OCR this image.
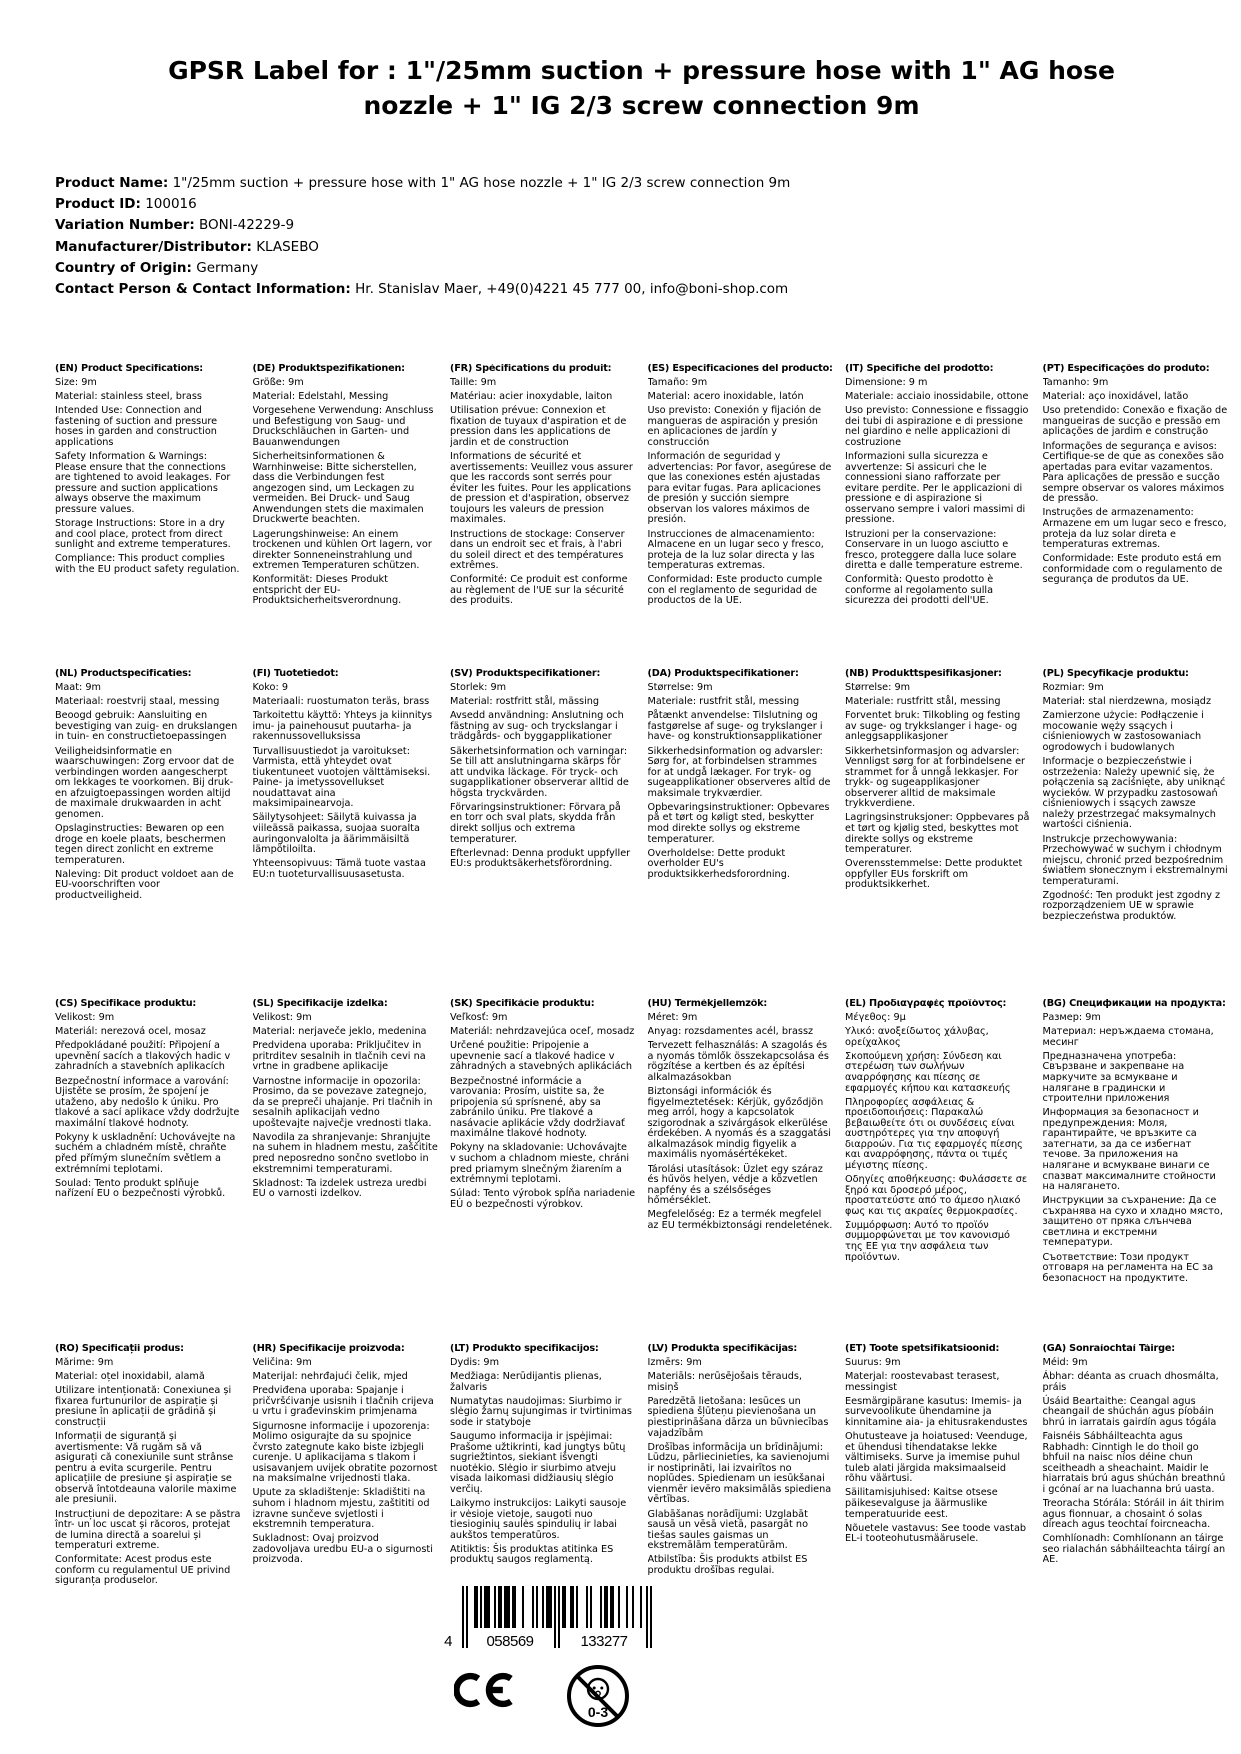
GPSR Label for : 1"/25mm suction + pressure hose with 1" AG hose nozzle + 1" IG 2/3 screw connection 9m
Product Name: 1"/25mm suction + pressure hose with 1" AG hose nozzle + 1" IG 2/3 screw connection 9m
Product ID: 100016
Variation Number: BONI-42229-9
Manufacturer/Distributor: KLASEBO
Country of Origin: Germany
Contact Person & Contact Information: Hr. Stanislav Maer, +49(0)4221 45 777 00, info@boni-shop.com
(EN) Product Specifications:

Size: 9m

Material: stainless steel, brass

Intended Use: Connection and fastening of suction and pressure hoses in garden and construction applications

Safety Information & Warnings: Please ensure that the connections are tightened to avoid leakages. For pressure and suction applications always observe the maximum pressure values.

Storage Instructions: Store in a dry and cool place, protect from direct sunlight and extreme temperatures.

Compliance: This product complies with the EU product safety regulation.

(DE) Produktspezifikationen:

Größe: 9m

Material: Edelstahl, Messing

Vorgesehene Verwendung: Anschluss und Befestigung von Saug- und Druckschläuchen in Garten- und Bauanwendungen

Sicherheitsinformationen & Warnhinweise: Bitte sicherstellen, dass die Verbindungen fest angezogen sind, um Leckagen zu vermeiden. Bei Druck- und Saug Anwendungen stets die maximalen Druckwerte beachten.

Lagerungshinweise: An einem trockenen und kühlen Ort lagern, vor direkter Sonneneinstrahlung und extremen Temperaturen schützen.

Konformität: Dieses Produkt entspricht der EU-Produktsicherheitsverordnung.

(FR) Spécifications du produit:

Taille: 9m

Matériau: acier inoxydable, laiton

Utilisation prévue: Connexion et fixation de tuyaux d'aspiration et de pression dans les applications de jardin et de construction

Informations de sécurité et avertissements: Veuillez vous assurer que les raccords sont serrés pour éviter les fuites. Pour les applications de pression et d'aspiration, observez toujours les valeurs de pression maximales.

Instructions de stockage: Conserver dans un endroit sec et frais, à l'abri du soleil direct et des températures extrêmes.

Conformité: Ce produit est conforme au règlement de l'UE sur la sécurité des produits.

(ES) Especificaciones del producto:

Tamaño: 9m

Material: acero inoxidable, latón

Uso previsto: Conexión y fijación de mangueras de aspiración y presión en aplicaciones de jardín y construcción

Información de seguridad y advertencias: Por favor, asegúrese de que las conexiones estén ajustadas para evitar fugas. Para aplicaciones de presión y succión siempre observan los valores máximos de presión.

Instrucciones de almacenamiento: Almacene en un lugar seco y fresco, proteja de la luz solar directa y las temperaturas extremas.

Conformidad: Este producto cumple con el reglamento de seguridad de productos de la UE.

(IT) Specifiche del prodotto:

Dimensione: 9 m

Materiale: acciaio inossidabile, ottone

Uso previsto: Connessione e fissaggio dei tubi di aspirazione e di pressione nel giardino e nelle applicazioni di costruzione

Informazioni sulla sicurezza e avvertenze: Si assicuri che le connessioni siano rafforzate per evitare perdite. Per le applicazioni di pressione e di aspirazione si osservano sempre i valori massimi di pressione.

Istruzioni per la conservazione: Conservare in un luogo asciutto e fresco, proteggere dalla luce solare diretta e dalle temperature estreme.

Conformità: Questo prodotto è conforme al regolamento sulla sicurezza dei prodotti dell'UE.

(PT) Especificações do produto:

Tamanho: 9m

Material: aço inoxidável, latão

Uso pretendido: Conexão e fixação de mangueiras de sucção e pressão em aplicações de jardim e construção

Informações de segurança e avisos: Certifique-se de que as conexões são apertadas para evitar vazamentos. Para aplicações de pressão e sucção sempre observar os valores máximos de pressão.

Instruções de armazenamento: Armazene em um lugar seco e fresco, proteja da luz solar direta e temperaturas extremas.

Conformidade: Este produto está em conformidade com o regulamento de segurança de produtos da UE.

(NL) Productspecificaties:

Maat: 9m

Materiaal: roestvrij staal, messing

Beoogd gebruik: Aansluiting en bevestiging van zuig- en drukslangen in tuin- en constructietoepassingen

Veiligheidsinformatie en waarschuwingen: Zorg ervoor dat de verbindingen worden aangescherpt om lekkages te voorkomen. Bij druk- en afzuigtoepassingen worden altijd de maximale drukwaarden in acht genomen.

Opslaginstructies: Bewaren op een droge en koele plaats, beschermen tegen direct zonlicht en extreme temperaturen.

Naleving: Dit product voldoet aan de EU-voorschriften voor productveiligheid.

(FI) Tuotetiedot:

Koko: 9

Materiaali: ruostumaton teräs, brass

Tarkoitettu käyttö: Yhteys ja kiinnitys imu- ja painehousut puutarha- ja rakennussovelluksissa

Turvallisuustiedot ja varoitukset: Varmista, että yhteydet ovat tiukentuneet vuotojen välttämiseksi. Paine- ja imetyssovellukset noudattavat aina maksimipainearvoja.

Säilytysohjeet: Säilytä kuivassa ja viileässä paikassa, suojaa suoralta auringonvalolta ja äärimmäisiltä lämpötiloilta.

Yhteensopivuus: Tämä tuote vastaa EU:n tuoteturvallisuusasetusta.

(SV) Produktspecifikationer:

Storlek: 9m

Material: rostfritt stål, mässing

Avsedd användning: Anslutning och fästning av sug- och tryckslangar i trädgårds- och byggapplikationer

Säkerhetsinformation och varningar: Se till att anslutningarna skärps för att undvika läckage. För tryck- och sugapplikationer observerar alltid de högsta tryckvärden.

Förvaringsinstruktioner: Förvara på en torr och sval plats, skydda från direkt solljus och extrema temperaturer.

Efterlevnad: Denna produkt uppfyller EU:s produktsäkerhetsförordning.

(DA) Produktspecifikationer:

Størrelse: 9m

Materiale: rustfrit stål, messing

Påtænkt anvendelse: Tilslutning og fastgørelse af suge- og trykslanger i have- og konstruktionsapplikationer

Sikkerhedsinformation og advarsler: Sørg for, at forbindelsen strammes for at undgå lækager. For tryk- og sugeapplikationer observeres altid de maksimale trykværdier.

Opbevaringsinstruktioner: Opbevares på et tørt og køligt sted, beskytter mod direkte sollys og ekstreme temperaturer.

Overholdelse: Dette produkt overholder EU's produktsikkerhedsforordning.

(NB) Produkttspesifikasjoner:

Størrelse: 9m

Materiale: rustfritt stål, messing

Forventet bruk: Tilkobling og festing av suge- og trykkslanger i hage- og anleggsapplikasjoner

Sikkerhetsinformasjon og advarsler: Vennligst sørg for at forbindelsene er strammet for å unngå lekkasjer. For trykk- og sugeapplikasjoner observerer alltid de maksimale trykkverdiene.

Lagringsinstruksjoner: Oppbevares på et tørt og kjølig sted, beskyttes mot direkte sollys og ekstreme temperaturer.

Overensstemmelse: Dette produktet oppfyller EUs forskrift om produktsikkerhet.

(PL) Specyfikacje produktu:

Rozmiar: 9m

Materiał: stal nierdzewna, mosiądz

Zamierzone użycie: Podłączenie i mocowanie węży ssących i ciśnieniowych w zastosowaniach ogrodowych i budowlanych

Informacje o bezpieczeństwie i ostrzeżenia: Należy upewnić się, że połączenia są zaciśnięte, aby uniknąć wycieków. W przypadku zastosowań ciśnieniowych i ssących zawsze należy przestrzegać maksymalnych wartości ciśnienia.

Instrukcje przechowywania: Przechowywać w suchym i chłodnym miejscu, chronić przed bezpośrednim światłem słonecznym i ekstremalnymi temperaturami.

Zgodność: Ten produkt jest zgodny z rozporządzeniem UE w sprawie bezpieczeństwa produktów.

(CS) Specifikace produktu:

Velikost: 9m

Materiál: nerezová ocel, mosaz

Předpokládané použití: Připojení a upevnění sacích a tlakových hadic v zahradních a stavebních aplikacích

Bezpečnostní informace a varování: Ujistěte se prosím, že spojení je utaženo, aby nedošlo k úniku. Pro tlakové a sací aplikace vždy dodržujte maximální tlakové hodnoty.

Pokyny k uskladnění: Uchovávejte na suchém a chladném místě, chraňte před přímým slunečním světlem a extrémními teplotami.

Soulad: Tento produkt splňuje nařízení EU o bezpečnosti výrobků.

(SL) Specifikacije izdelka:

Velikost: 9m

Material: nerjaveče jeklo, medenina

Predvidena uporaba: Priključitev in pritrditev sesalnih in tlačnih cevi na vrtne in gradbene aplikacije

Varnostne informacije in opozorila: Prosimo, da se povezave zategnejo, da se prepreči uhajanje. Pri tlačnih in sesalnih aplikacijah vedno upoštevajte največje vrednosti tlaka.

Navodila za shranjevanje: Shranjujte na suhem in hladnem mestu, zaščitite pred neposredno sončno svetlobo in ekstremnimi temperaturami.

Skladnost: Ta izdelek ustreza uredbi EU o varnosti izdelkov.

(SK) Špecifikácie produktu:

Veľkosť: 9m

Materiál: nehrdzavejúca oceľ, mosadz

Určené použitie: Pripojenie a upevnenie sací a tlakové hadice v záhradných a stavebných aplikáciách

Bezpečnostné informácie a varovania: Prosím, uistite sa, že pripojenia sú sprísnené, aby sa zabránilo úniku. Pre tlakové a nasávacie aplikácie vždy dodržiavať maximálne tlakové hodnoty.

Pokyny na skladovanie: Uchovávajte v suchom a chladnom mieste, chráni pred priamym slnečným žiarením a extrémnymi teplotami.

Súlad: Tento výrobok spĺňa nariadenie EÚ o bezpečnosti výrobkov.

(HU) Termékjellemzők:

Méret: 9m

Anyag: rozsdamentes acél, brassz

Tervezett felhasználás: A szagolás és a nyomás tömlők összekapcsolása és rögzítése a kertben és az építési alkalmazásokban

Biztonsági információk és figyelmeztetések: Kérjük, győződjön meg arról, hogy a kapcsolatok szigorodnak a szivárgások elkerülése érdekében. A nyomás és a szaggatási alkalmazások mindig figyelik a maximális nyomásértékeket.

Tárolási utasítások: Üzlet egy száraz és hűvös helyen, védje a közvetlen napfény és a szélsőséges hőmérséklet.

Megfelelőség: Ez a termék megfelel az EU termékbiztonsági rendeletének.

(EL) Προδιαγραφές προϊόντος:

Μέγεθος: 9μ

Υλικό: ανοξείδωτος χάλυβας, ορείχαλκος

Σκοπούμενη χρήση: Σύνδεση και στερέωση των σωλήνων αναρρόφησης και πίεσης σε εφαρμογές κήπου και κατασκευής

Πληροφορίες ασφάλειας & προειδοποιήσεις: Παρακαλώ βεβαιωθείτε ότι οι συνδέσεις είναι αυστηρότερες για την αποφυγή διαρροών. Για τις εφαρμογές πίεσης και αναρρόφησης, πάντα οι τιμές μέγιστης πίεσης.

Οδηγίες αποθήκευσης: Φυλάσσετε σε ξηρό και δροσερό μέρος, προστατεύστε από το άμεσο ηλιακό φως και τις ακραίες θερμοκρασίες.

Συμμόρφωση: Αυτό το προϊόν συμμορφώνεται με τον κανονισμό της ΕΕ για την ασφάλεια των προϊόντων.

(BG) Спецификации на продукта:

Размер: 9m

Материал: неръждаема стомана, месинг

Предназначена употреба: Свързване и закрепване на маркучите за всмукване и налягане в градински и строителни приложения

Информация за безопасност и предупреждения: Моля, гарантирайте, че връзките са затегнати, за да се избегнат течове. За приложения на налягане и всмукване винаги се спазват максималните стойности на налягането.

Инструкции за съхранение: Да се съхранява на сухо и хладно място, защитено от пряка слънчева светлина и екстремни температури.

Съответствие: Този продукт отговаря на регламента на ЕС за безопасност на продуктите.

(RO) Specificații produs:

Mărime: 9m

Material: oțel inoxidabil, alamă

Utilizare intenționată: Conexiunea și fixarea furtunurilor de aspirație și presiune în aplicații de grădină și construcții

Informații de siguranță și avertismente: Vă rugăm să vă asigurați că conexiunile sunt strânse pentru a evita scurgerile. Pentru aplicațiile de presiune și aspirație se observă întotdeauna valorile maxime ale presiunii.

Instrucțiuni de depozitare: A se păstra într- un loc uscat și răcoros, protejat de lumina directă a soarelui și temperaturi extreme.

Conformitate: Acest produs este conform cu regulamentul UE privind siguranța produselor.

(HR) Specifikacije proizvoda:

Veličina: 9m

Materijal: nehrđajući čelik, mjed

Predviđena uporaba: Spajanje i pričvršćivanje usisnih i tlačnih crijeva u vrtu i građevinskim primjenama

Sigurnosne informacije i upozorenja: Molimo osigurajte da su spojnice čvrsto zategnute kako biste izbjegli curenje. U aplikacijama s tlakom i usisavanjem uvijek obratite pozornost na maksimalne vrijednosti tlaka.

Upute za skladištenje: Skladištiti na suhom i hladnom mjestu, zaštititi od izravne sunčeve svjetlosti i ekstremnih temperatura.

Sukladnost: Ovaj proizvod zadovoljava uredbu EU-a o sigurnosti proizvoda.

(LT) Produkto specifikacijos:

Dydis: 9m

Medžiaga: Nerūdijantis plienas, žalvaris

Numatytas naudojimas: Siurbimo ir slėgio žarnų sujungimas ir tvirtinimas sode ir statyboje

Saugumo informacija ir įspėjimai: Prašome užtikrinti, kad jungtys būtų sugriežtintos, siekiant išvengti nuotėkio. Slėgio ir siurbimo atveju visada laikomasi didžiausių slėgio verčių.

Laikymo instrukcijos: Laikyti sausoje ir vėsioje vietoje, saugoti nuo tiesioginių saulės spindulių ir labai aukštos temperatūros.

Atitiktis: Šis produktas atitinka ES produktų saugos reglamentą.

(LV) Produkta specifikācijas:

Izmērs: 9m

Materiāls: nerūsējošais tērauds, misiņš

Paredzētā lietošana: Iesūces un spiediena šļūteņu pievienošana un piestiprināšana dārza un būvniecības vajadzībām

Drošības informācija un brīdinājumi: Lūdzu, pārliecinieties, ka savienojumi ir nostiprināti, lai izvairītos no noplūdes. Spiedienam un iesūkšanai vienmēr ievēro maksimālās spiediena vērtības.

Glabāšanas norādījumi: Uzglabāt sausā un vēsā vietā, pasargāt no tiešas saules gaismas un ekstremālām temperatūrām.

Atbilstība: Šis produkts atbilst ES produktu drošības regulai.

(ET) Toote spetsifikatsioonid:

Suurus: 9m

Materjal: roostevabast terasest, messingist

Eesmärgipärane kasutus: Imemis- ja survevoolikute ühendamine ja kinnitamine aia- ja ehitusrakendustes

Ohutusteave ja hoiatused: Veenduge, et ühendusi tihendatakse lekke vältimiseks. Surve ja imemise puhul tuleb alati järgida maksimaalseid rõhu väärtusi.

Säilitamisjuhised: Kaitse otsese päikesevalguse ja äärmuslike temperatuuride eest.

Nõuetele vastavus: See toode vastab EL-i tooteohutusmäärusele.

(GA) Sonraíochtaí Táirge:

Méid: 9m

Ábhar: déanta as cruach dhosmálta, práis

Úsáid Beartaithe: Ceangal agus cheangail de shúchán agus píobáin bhrú in iarratais gairdín agus tógála

Faisnéis Sábháilteachta agus Rabhadh: Cinntigh le do thoil go bhfuil na naisc níos déine chun sceitheadh a sheachaint. Maidir le hiarratais brú agus shúchán breathnú i gcónaí ar na luachanna brú uasta.

Treoracha Stórála: Stóráil in áit thirim agus fionnuar, a chosaint ó solas díreach agus teochtaí foircneacha.

Comhlíonadh: Comhlíonann an táirge seo rialachán sábháilteachta táirgí an AE.

4 058569	133277
0-3
